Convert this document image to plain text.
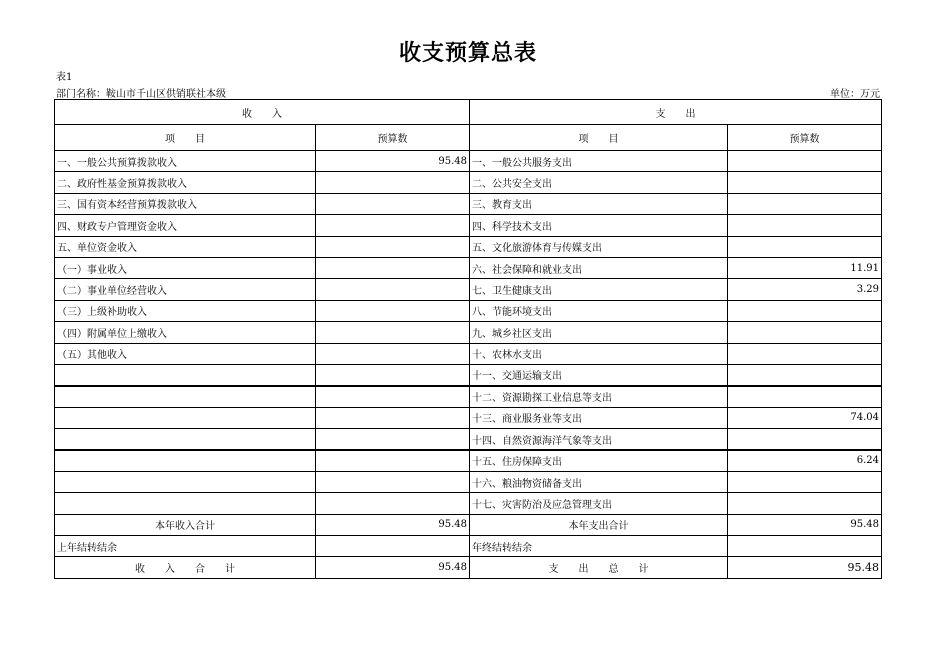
收支预算总表
表1
部门名称：鞍山市千山区供销联社本级	单位：万元
收　　入		支　　出	
项　　目	预算数	项　　目	预算数
一、一般公共预算拨款收入	95.48	一、一般公共服务支出	
二、政府性基金预算拨款收入		二、公共安全支出	
三、国有资本经营预算拨款收入		三、教育支出	
四、财政专户管理资金收入		四、科学技术支出	
五、单位资金收入		五、文化旅游体育与传媒支出	
（一）事业收入		六、社会保障和就业支出	11.91
（二）事业单位经营收入		七、卫生健康支出	3.29
（三）上级补助收入		八、节能环境支出	
（四）附属单位上缴收入		九、城乡社区支出	
（五）其他收入		十、农林水支出	
		十一、交通运输支出	
		十二、资源勘探工业信息等支出	
		十三、商业服务业等支出	74.04
		十四、自然资源海洋气象等支出	
		十五、住房保障支出	6.24
		十六、粮油物资储备支出	
		十七、灾害防治及应急管理支出	
本年收入合计	95.48	本年支出合计	95.48
上年结转结余		年终结转结余	
收　　入　　合　　计	95.48	支　　出　　总　　计	95.48
